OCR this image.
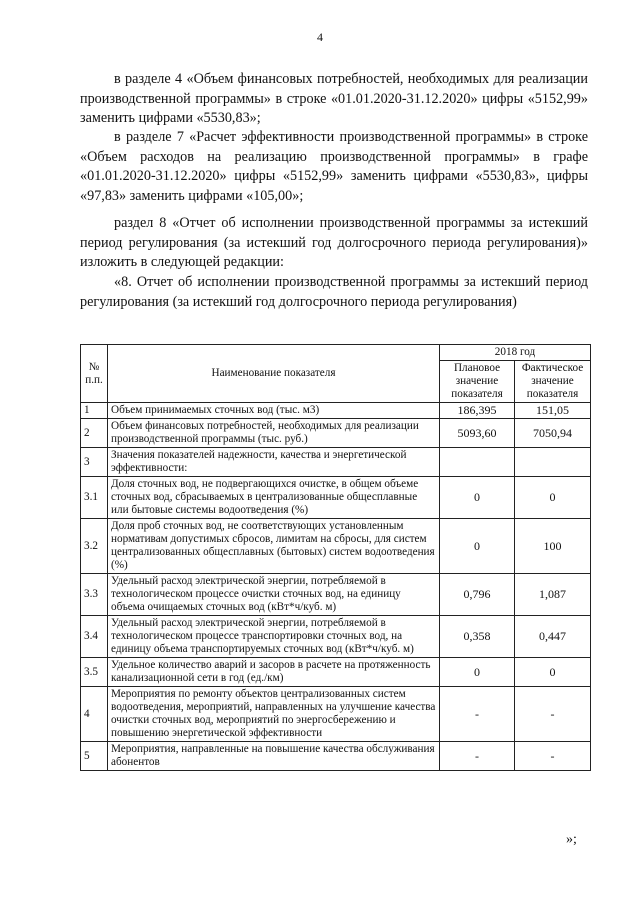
4

в разделе 4 «Объем финансовых потребностей, необходимых для реализации производственной программы» в строке «01.01.2020-31.12.2020» цифры «5152,99» заменить цифрами «5530,83»;

в разделе 7 «Расчет эффективности производственной программы» в строке «Объем расходов на реализацию производственной программы» в графе «01.01.2020-31.12.2020» цифры «5152,99» заменить цифрами «5530,83», цифры «97,83» заменить цифрами «105,00»;

раздел 8 «Отчет об исполнении производственной программы за истекший период регулирования (за истекший год долгосрочного периода регулирования)» изложить в следующей редакции:

«8. Отчет об исполнении производственной программы за истекший период регулирования (за истекший год долгосрочного периода регулирования)

№ п.п.	Наименование показателя	2018 год	
		Плановое значение показателя	Фактическое значение показателя
1	Объем принимаемых сточных вод (тыс. м3)	186,395	151,05
2	Объем финансовых потребностей, необходимых для реализации производственной программы (тыс. руб.)	5093,60	7050,94
3	Значения показателей надежности, качества и энергетической эффективности:		
3.1	Доля сточных вод, не подвергающихся очистке, в общем объеме сточных вод, сбрасываемых в централизованные общесплавные или бытовые системы водоотведения (%)	0	0
3.2	Доля проб сточных вод, не соответствующих установленным нормативам допустимых сбросов, лимитам на сбросы, для систем централизованных общесплавных (бытовых) систем водоотведения (%)	0	100
3.3	Удельный расход электрической энергии, потребляемой в технологическом процессе очистки сточных вод, на единицу объема очищаемых сточных вод (кВт*ч/куб. м)	0,796	1,087
3.4	Удельный расход электрической энергии, потребляемой в технологическом процессе транспортировки сточных вод, на единицу объема транспортируемых сточных вод (кВт*ч/куб. м)	0,358	0,447
3.5	Удельное количество аварий и засоров в расчете на протяженность канализационной сети в год (ед./км)	0	0
4	Мероприятия по ремонту объектов централизованных систем водоотведения, мероприятий, направленных на улучшение качества очистки сточных вод, мероприятий по энергосбережению и повышению энергетической эффективности	-	-
5	Мероприятия, направленные на повышение качества обслуживания абонентов	-	-
»;
